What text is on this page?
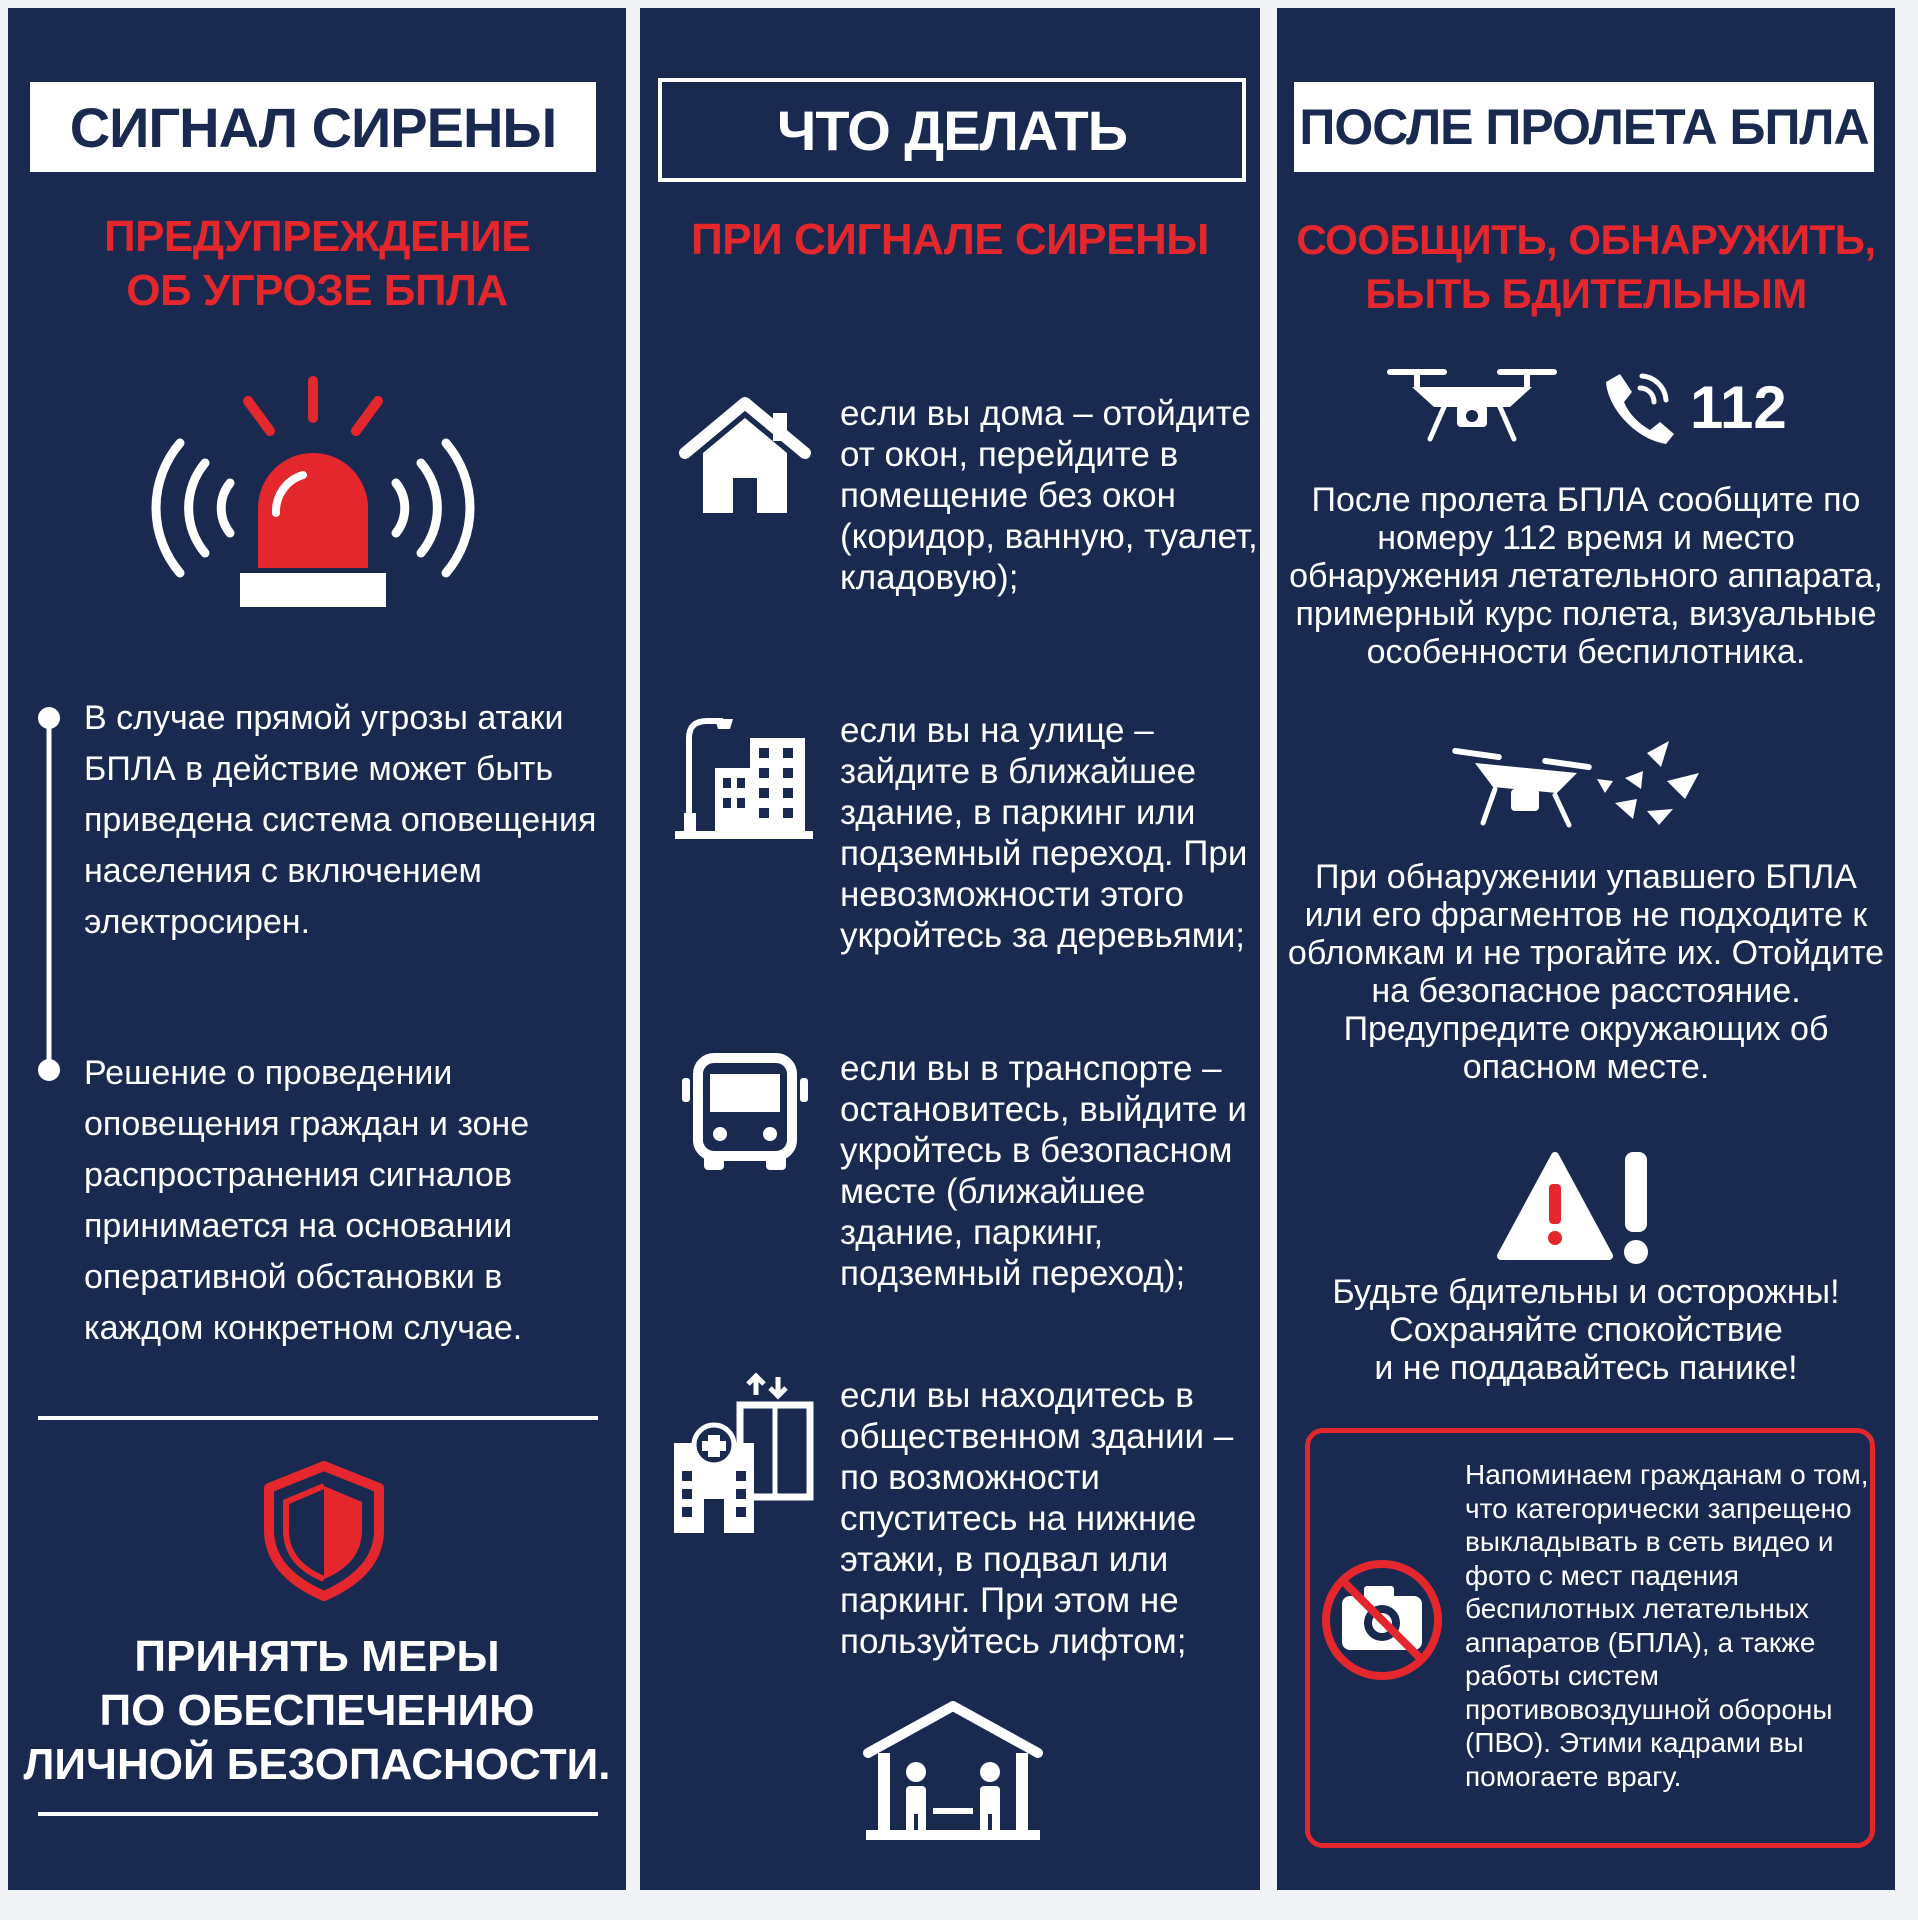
СИГНАЛ СИРЕНЫ
ПРЕДУПРЕЖДЕНИЕ
ОБ УГРОЗЕ БПЛА
В случае прямой угрозы атаки БПЛА в действие может быть приведена система оповещения населения с включением электросирен.
Решение о проведении оповещения граждан и зоне распространения сигналов принимается на основании оперативной обстановки в каждом конкретном случае.
ПРИНЯТЬ МЕРЫ
ПО ОБЕСПЕЧЕНИЮ
ЛИЧНОЙ БЕЗОПАСНОСТИ.
ЧТО ДЕЛАТЬ
ПРИ СИГНАЛЕ СИРЕНЫ
если вы дома – отойдите от окон, перейдите в помещение без окон (коридор, ванную, туалет, кладовую);
если вы на улице – зайдите в ближайшее здание, в паркинг или подземный переход. При невозможности этого укройтесь за деревьями;
если вы в транспорте – остановитесь, выйдите и укройтесь в безопасном месте (ближайшее здание, паркинг, подземный переход);
если вы находитесь в общественном здании – по возможности спуститесь на нижние этажи, в подвал или паркинг. При этом не пользуйтесь лифтом;
ПОСЛЕ ПРОЛЕТА БПЛА
СООБЩИТЬ, ОБНАРУЖИТЬ,
БЫТЬ БДИТЕЛЬНЫМ
112
После пролета БПЛА сообщите по номеру 112 время и место обнаружения летательного аппарата, примерный курс полета, визуальные особенности беспилотника.
При обнаружении упавшего БПЛА или его фрагментов не подходите к обломкам и не трогайте их. Отойдите на безопасное расстояние. Предупредите окружающих об опасном месте.
Будьте бдительны и осторожны!
Сохраняйте спокойствие
и не поддавайтесь панике!
Напоминаем гражданам о том, что категорически запрещено выкладывать в сеть видео и фото с мест падения беспилотных летательных аппаратов (БПЛА), а также работы систем противовоздушной обороны (ПВО). Этими кадрами вы помогаете врагу.
